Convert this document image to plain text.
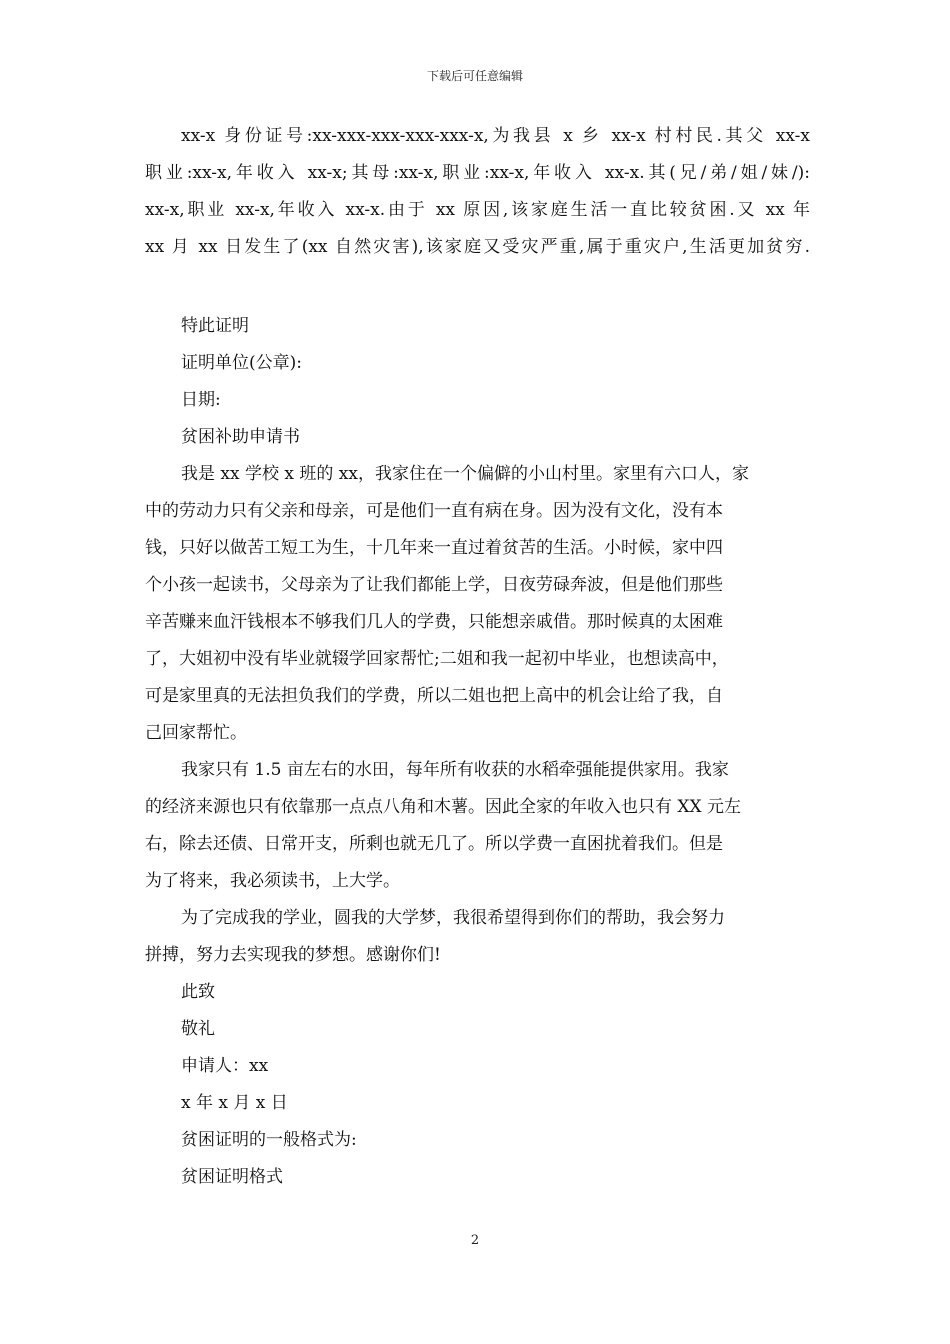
下载后可任意编辑
xx-x 身份证号:xx-xxx-xxx-xxx-xxx-x,为我县 x 乡 xx-x 村村民.其父 xx-x
职业:xx-x,年收入 xx-x;其母:xx-x,职业:xx-x,年收入 xx-x.其(兄/弟/姐/妹/):
xx-x,职业 xx-x,年收入 xx-x.由于 xx 原因,该家庭生活一直比较贫困.又 xx 年
xx 月 xx 日发生了(xx 自然灾害),该家庭又受灾严重,属于重灾户,生活更加贫穷.
特此证明
证明单位(公章):
日期:
贫困补助申请书
我是 xx 学校 x 班的 xx，我家住在一个偏僻的小山村里。家里有六口人，家
中的劳动力只有父亲和母亲，可是他们一直有病在身。因为没有文化，没有本
钱，只好以做苦工短工为生，十几年来一直过着贫苦的生活。小时候，家中四
个小孩一起读书，父母亲为了让我们都能上学，日夜劳碌奔波，但是他们那些
辛苦赚来血汗钱根本不够我们几人的学费，只能想亲戚借。那时候真的太困难
了，大姐初中没有毕业就辍学回家帮忙;二姐和我一起初中毕业，也想读高中，
可是家里真的无法担负我们的学费，所以二姐也把上高中的机会让给了我，自
己回家帮忙。
我家只有 1.5 亩左右的水田，每年所有收获的水稻牵强能提供家用。我家
的经济来源也只有依靠那一点点八角和木薯。因此全家的年收入也只有 XX 元左
右，除去还债、日常开支，所剩也就无几了。所以学费一直困扰着我们。但是
为了将来，我必须读书，上大学。
为了完成我的学业，圆我的大学梦，我很希望得到你们的帮助，我会努力
拼搏，努力去实现我的梦想。感谢你们!
此致
敬礼
申请人：xx
x 年 x 月 x 日
贫困证明的一般格式为:
贫困证明格式
2
